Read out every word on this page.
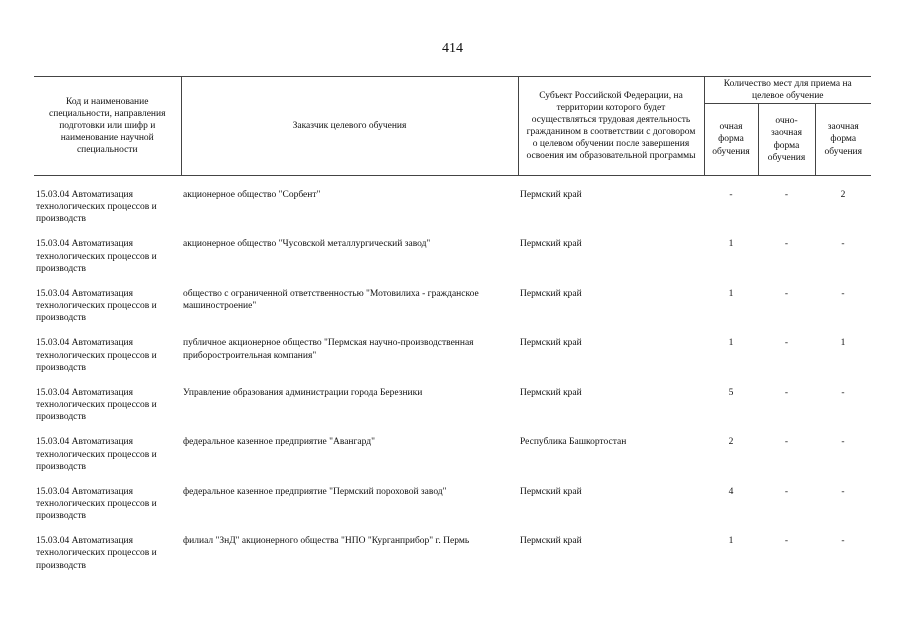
414
Код и наименование специальности, направления подготовки или шифр и наименование научной специальности	Заказчик целевого обучения	Субъект Российской Федерации, на территории которого будет осуществляться трудовая деятельность гражданином в соответствии с договором о целевом обучении после завершения освоения им образовательной программы	Количество мест для приема на целевое обучение		
			очная форма обучения	очно-заочная форма обучения	заочная форма обучения
15.03.04 Автоматизация технологических процессов и производств	акционерное общество "Сорбент"	Пермский край	-	-	2
15.03.04 Автоматизация технологических процессов и производств	акционерное общество "Чусовской металлургический завод"	Пермский край	1	-	-
15.03.04 Автоматизация технологических процессов и производств	общество с ограниченной ответственностью "Мотовилиха - гражданское машиностроение"	Пермский край	1	-	-
15.03.04 Автоматизация технологических процессов и производств	публичное акционерное общество "Пермская научно-производственная приборостроительная компания"	Пермский край	1	-	1
15.03.04 Автоматизация технологических процессов и производств	Управление образования администрации города Березники	Пермский край	5	-	-
15.03.04 Автоматизация технологических процессов и производств	федеральное казенное предприятие "Авангард"	Республика Башкортостан	2	-	-
15.03.04 Автоматизация технологических процессов и производств	федеральное казенное предприятие "Пермский пороховой завод"	Пермский край	4	-	-
15.03.04 Автоматизация технологических процессов и производств	филиал "ЗнД" акционерного общества "НПО "Курганприбор" г. Пермь	Пермский край	1	-	-
